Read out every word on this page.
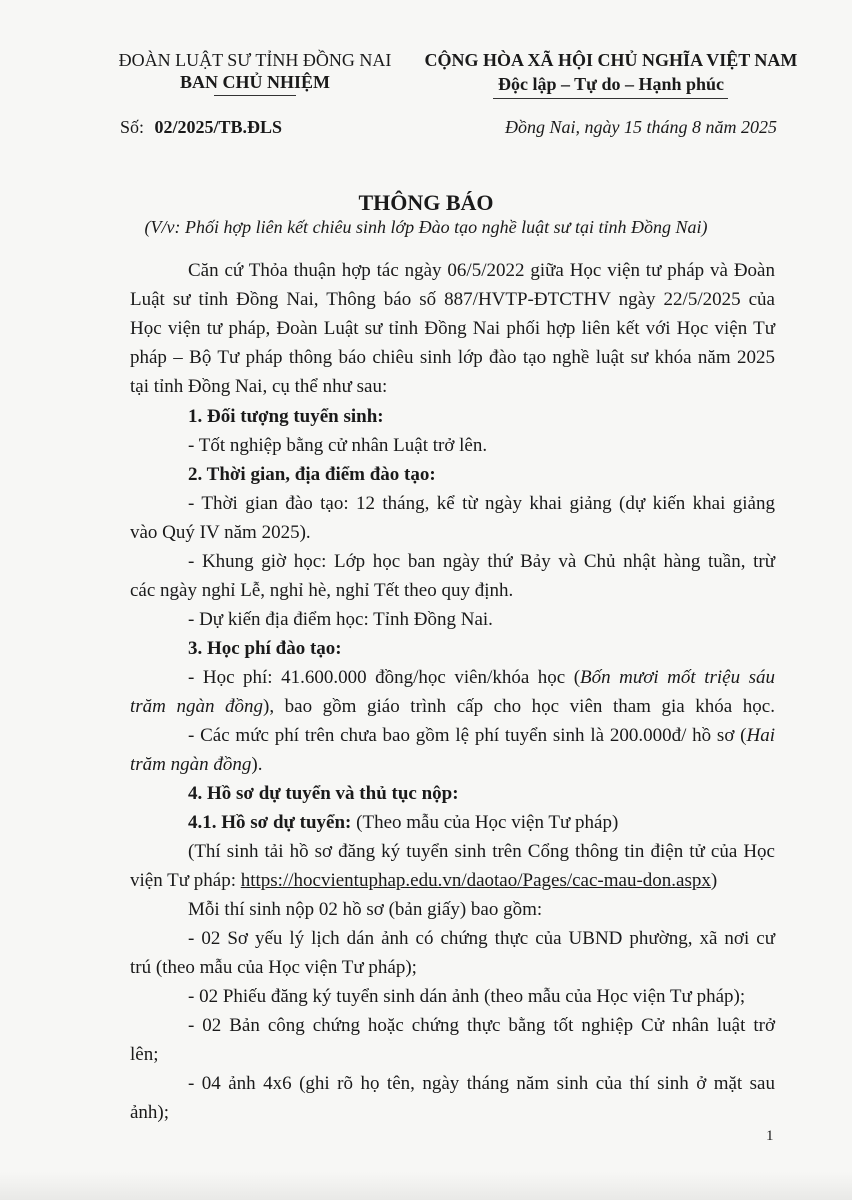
ĐOÀN LUẬT SƯ TỈNH ĐỒNG NAI
BAN CHỦ NHIỆM
CỘNG HÒA XÃ HỘI CHỦ NGHĨA VIỆT NAM
Độc lập – Tự do – Hạnh phúc
Số: 02/2025/TB.ĐLS	Đồng Nai, ngày 15 tháng 8 năm 2025
THÔNG BÁO
(V/v: Phối hợp liên kết chiêu sinh lớp Đào tạo nghề luật sư tại tỉnh Đồng Nai)
Căn cứ Thỏa thuận hợp tác ngày 06/5/2022 giữa Học viện tư pháp và Đoàn
Luật sư tỉnh Đồng Nai, Thông báo số 887/HVTP-ĐTCTHV ngày 22/5/2025 của
Học viện tư pháp, Đoàn Luật sư tỉnh Đồng Nai phối hợp liên kết với Học viện Tư
pháp – Bộ Tư pháp thông báo chiêu sinh lớp đào tạo nghề luật sư khóa năm 2025
tại tỉnh Đồng Nai, cụ thể như sau:
1. Đối tượng tuyển sinh:
- Tốt nghiệp bằng cử nhân Luật trở lên.
2. Thời gian, địa điểm đào tạo:
- Thời gian đào tạo: 12 tháng, kể từ ngày khai giảng (dự kiến khai giảng
vào Quý IV năm 2025).
- Khung giờ học: Lớp học ban ngày thứ Bảy và Chủ nhật hàng tuần, trừ
các ngày nghỉ Lễ, nghỉ hè, nghỉ Tết theo quy định.
- Dự kiến địa điểm học: Tỉnh Đồng Nai.
3. Học phí đào tạo:
- Học phí: 41.600.000 đồng/học viên/khóa học (Bốn mươi mốt triệu sáu
trăm ngàn đồng), bao gồm giáo trình cấp cho học viên tham gia khóa học.
- Các mức phí trên chưa bao gồm lệ phí tuyển sinh là 200.000đ/ hồ sơ (Hai
trăm ngàn đồng).
4. Hồ sơ dự tuyển và thủ tục nộp:
4.1. Hồ sơ dự tuyển: (Theo mẫu của Học viện Tư pháp)
(Thí sinh tải hồ sơ đăng ký tuyển sinh trên Cổng thông tin điện tử của Học
viện Tư pháp: https://hocvientuphap.edu.vn/daotao/Pages/cac-mau-don.aspx)
Mỗi thí sinh nộp 02 hồ sơ (bản giấy) bao gồm:
- 02 Sơ yếu lý lịch dán ảnh có chứng thực của UBND phường, xã nơi cư
trú (theo mẫu của Học viện Tư pháp);
- 02 Phiếu đăng ký tuyển sinh dán ảnh (theo mẫu của Học viện Tư pháp);
- 02 Bản công chứng hoặc chứng thực bằng tốt nghiệp Cử nhân luật trở
lên;
- 04 ảnh 4x6 (ghi rõ họ tên, ngày tháng năm sinh của thí sinh ở mặt sau
ảnh);
1
